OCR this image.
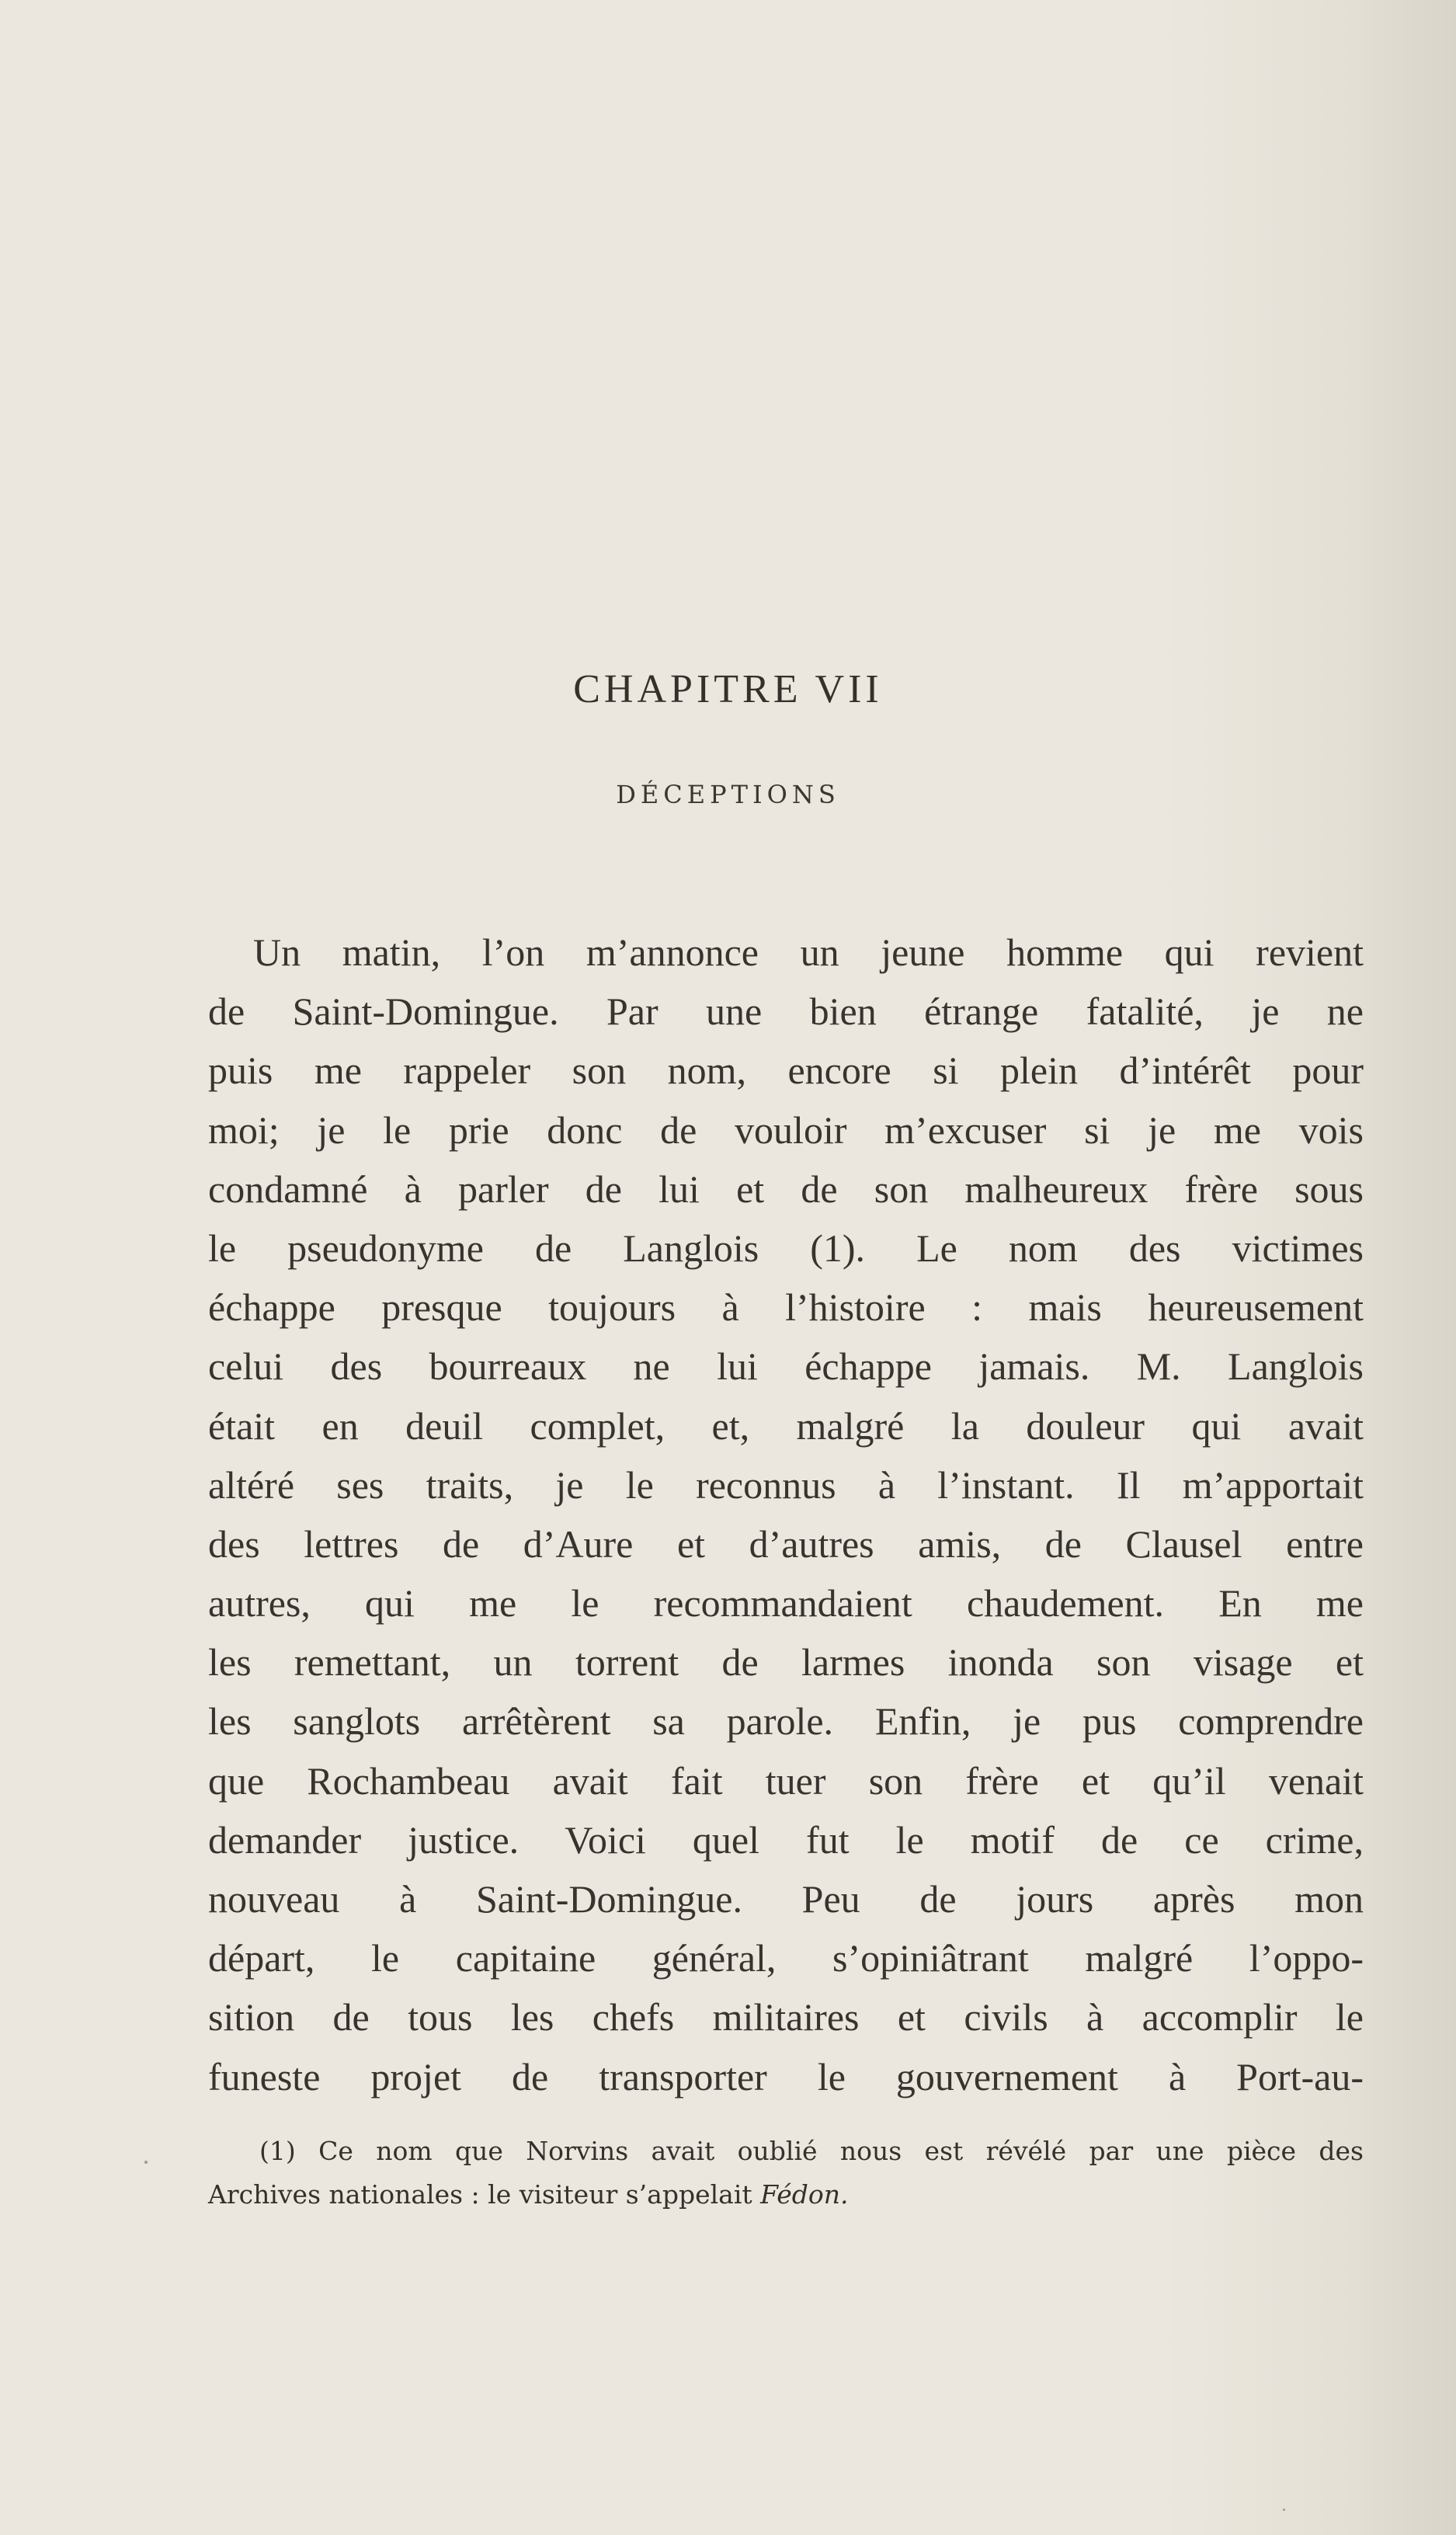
CHAPITRE VII
DÉCEPTIONS
Un matin, l’on m’annonce un jeune homme qui revient
de Saint-Domingue. Par une bien étrange fatalité, je ne
puis me rappeler son nom, encore si plein d’intérêt pour
moi; je le prie donc de vouloir m’excuser si je me vois
condamné à parler de lui et de son malheureux frère sous
le pseudonyme de Langlois (1). Le nom des victimes
échappe presque toujours à l’histoire : mais heureusement
celui des bourreaux ne lui échappe jamais. M. Langlois
était en deuil complet, et, malgré la douleur qui avait
altéré ses traits, je le reconnus à l’instant. Il m’apportait
des lettres de d’Aure et d’autres amis, de Clausel entre
autres, qui me le recommandaient chaudement. En me
les remettant, un torrent de larmes inonda son visage et
les sanglots arrêtèrent sa parole. Enfin, je pus comprendre
que Rochambeau avait fait tuer son frère et qu’il venait
demander justice. Voici quel fut le motif de ce crime,
nouveau à Saint-Domingue. Peu de jours après mon
départ, le capitaine général, s’opiniâtrant malgré l’oppo-
sition de tous les chefs militaires et civils à accomplir le
funeste projet de transporter le gouvernement à Port-au-
(1) Ce nom que Norvins avait oublié nous est révélé par une pièce des
Archives nationales : le visiteur s’appelait Fédon.
